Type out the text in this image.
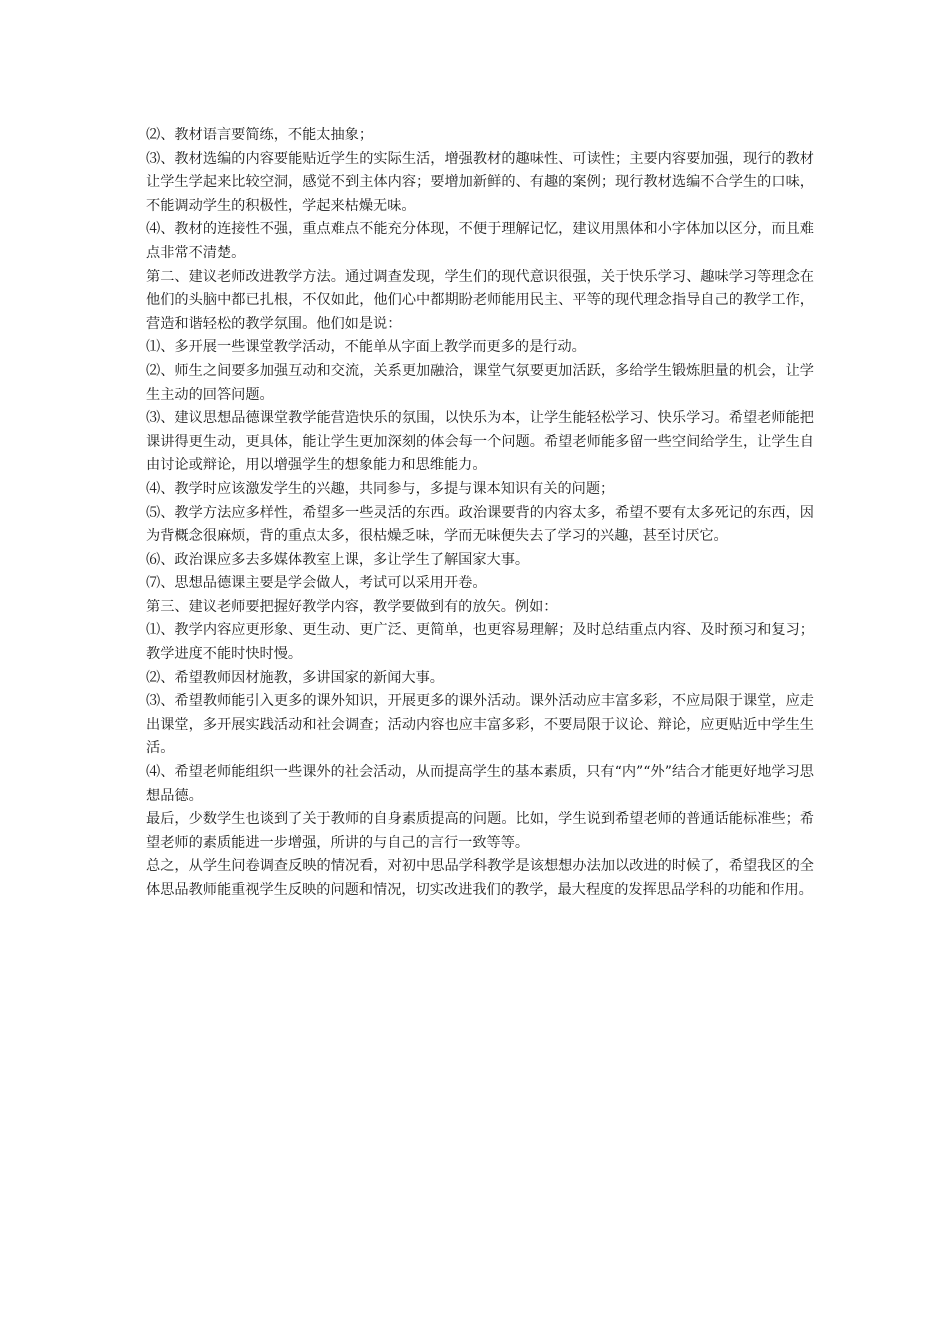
⑵、教材语言要简练，不能太抽象；

⑶、教材选编的内容要能贴近学生的实际生活，增强教材的趣味性、可读性；主要内容要加强，现行的教材让学生学起来比较空洞，感觉不到主体内容；要增加新鲜的、有趣的案例；现行教材选编不合学生的口味，不能调动学生的积极性，学起来枯燥无味。

⑷、教材的连接性不强，重点难点不能充分体现，不便于理解记忆，建议用黑体和小字体加以区分，而且难点非常不清楚。

第二、建议老师改进教学方法。通过调查发现，学生们的现代意识很强，关于快乐学习、趣味学习等理念在他们的头脑中都已扎根，不仅如此，他们心中都期盼老师能用民主、平等的现代理念指导自己的教学工作，营造和谐轻松的教学氛围。他们如是说：

⑴、多开展一些课堂教学活动，不能单从字面上教学而更多的是行动。

⑵、师生之间要多加强互动和交流，关系更加融洽，课堂气氛要更加活跃，多给学生锻炼胆量的机会，让学生主动的回答问题。

⑶、建议思想品德课堂教学能营造快乐的氛围，以快乐为本，让学生能轻松学习、快乐学习。希望老师能把课讲得更生动，更具体，能让学生更加深刻的体会每一个问题。希望老师能多留一些空间给学生，让学生自由讨论或辩论，用以增强学生的想象能力和思维能力。

⑷、教学时应该激发学生的兴趣，共同参与，多提与课本知识有关的问题；

⑸、教学方法应多样性，希望多一些灵活的东西。政治课要背的内容太多，希望不要有太多死记的东西，因为背概念很麻烦，背的重点太多，很枯燥乏味，学而无味便失去了学习的兴趣，甚至讨厌它。

⑹、政治课应多去多媒体教室上课，多让学生了解国家大事。

⑺、思想品德课主要是学会做人，考试可以采用开卷。

第三、建议老师要把握好教学内容，教学要做到有的放矢。例如：

⑴、教学内容应更形象、更生动、更广泛、更简单，也更容易理解；及时总结重点内容、及时预习和复习；教学进度不能时快时慢。

⑵、希望教师因材施教，多讲国家的新闻大事。

⑶、希望教师能引入更多的课外知识，开展更多的课外活动。课外活动应丰富多彩，不应局限于课堂，应走出课堂，多开展实践活动和社会调查；活动内容也应丰富多彩，不要局限于议论、辩论，应更贴近中学生生活。

⑷、希望老师能组织一些课外的社会活动，从而提高学生的基本素质，只有“内”“外”结合才能更好地学习思想品德。

最后，少数学生也谈到了关于教师的自身素质提高的问题。比如，学生说到希望老师的普通话能标准些；希望老师的素质能进一步增强，所讲的与自己的言行一致等等。

总之，从学生问卷调查反映的情况看，对初中思品学科教学是该想想办法加以改进的时候了，希望我区的全体思品教师能重视学生反映的问题和情况，切实改进我们的教学，最大程度的发挥思品学科的功能和作用。
